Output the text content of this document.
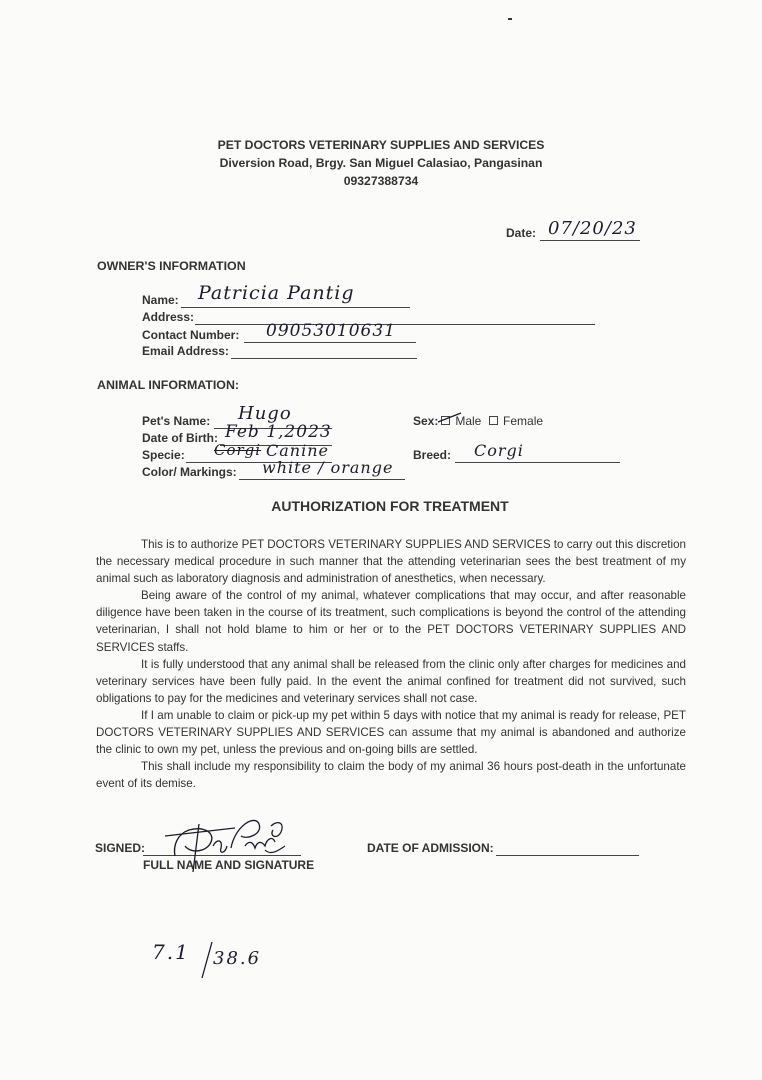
PET DOCTORS VETERINARY SUPPLIES AND SERVICES
Diversion Road, Brgy. San Miguel Calasiao, Pangasinan
09327388734
Date: 07/20/23
OWNER'S INFORMATION
Name: Patricia Pantig
Address:
Contact Number: 09053010631
Email Address:
ANIMAL INFORMATION:
Pet's Name: Hugo
Date of Birth: Feb 1,2023
Specie: Corgi Canine
Color/ Markings: white / orange
Sex:	Male Female
Breed: Corgi
AUTHORIZATION FOR TREATMENT

This is to authorize PET DOCTORS VETERINARY SUPPLIES AND SERVICES to carry out this discretion the necessary medical procedure in such manner that the attending veterinarian sees the best treatment of my animal such as laboratory diagnosis and administration of anesthetics, when necessary.

Being aware of the control of my animal, whatever complications that may occur, and after reasonable diligence have been taken in the course of its treatment, such complications is beyond the control of the attending veterinarian, I shall not hold blame to him or her or to the PET DOCTORS VETERINARY SUPPLIES AND SERVICES staffs.

It is fully understood that any animal shall be released from the clinic only after charges for medicines and veterinary services have been fully paid. In the event the animal confined for treatment did not survived, such obligations to pay for the medicines and veterinary services shall not case.

If I am unable to claim or pick-up my pet within 5 days with notice that my animal is ready for release, PET DOCTORS VETERINARY SUPPLIES AND SERVICES can assume that my animal is abandoned and authorize the clinic to own my pet, unless the previous and on-going bills are settled.

This shall include my responsibility to claim the body of my animal 36 hours post-death in the unfortunate event of its demise.

SIGNED:
FULL NAME AND SIGNATURE
DATE OF ADMISSION:
7.1 38.6
